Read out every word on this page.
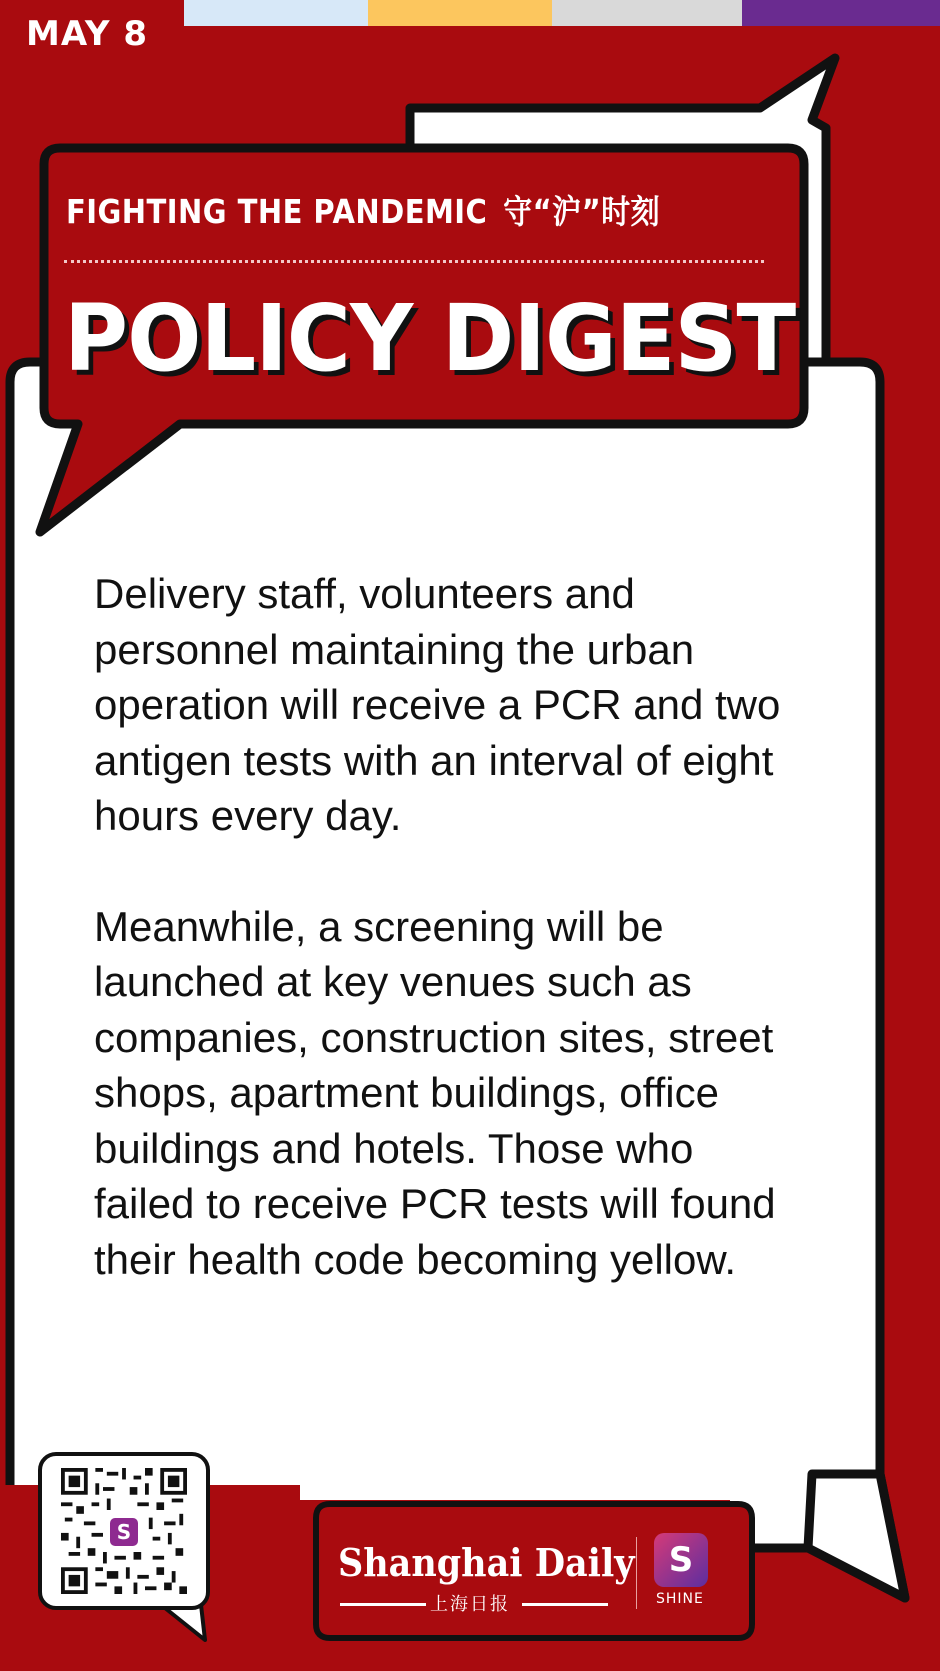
MAY 8
FIGHTING THE PANDEMIC 守“沪”时刻
POLICY DIGEST

Delivery staff, volunteers and personnel maintaining the urban operation will receive a PCR and two antigen tests with an interval of eight hours every day.

Meanwhile, a screening will be launched at key venues such as companies, construction sites, street shops, apartment buildings, office buildings and hotels. Those who failed to receive PCR tests will found their health code becoming yellow.

S
Shanghai Daily
上海日报
S
SHINE
